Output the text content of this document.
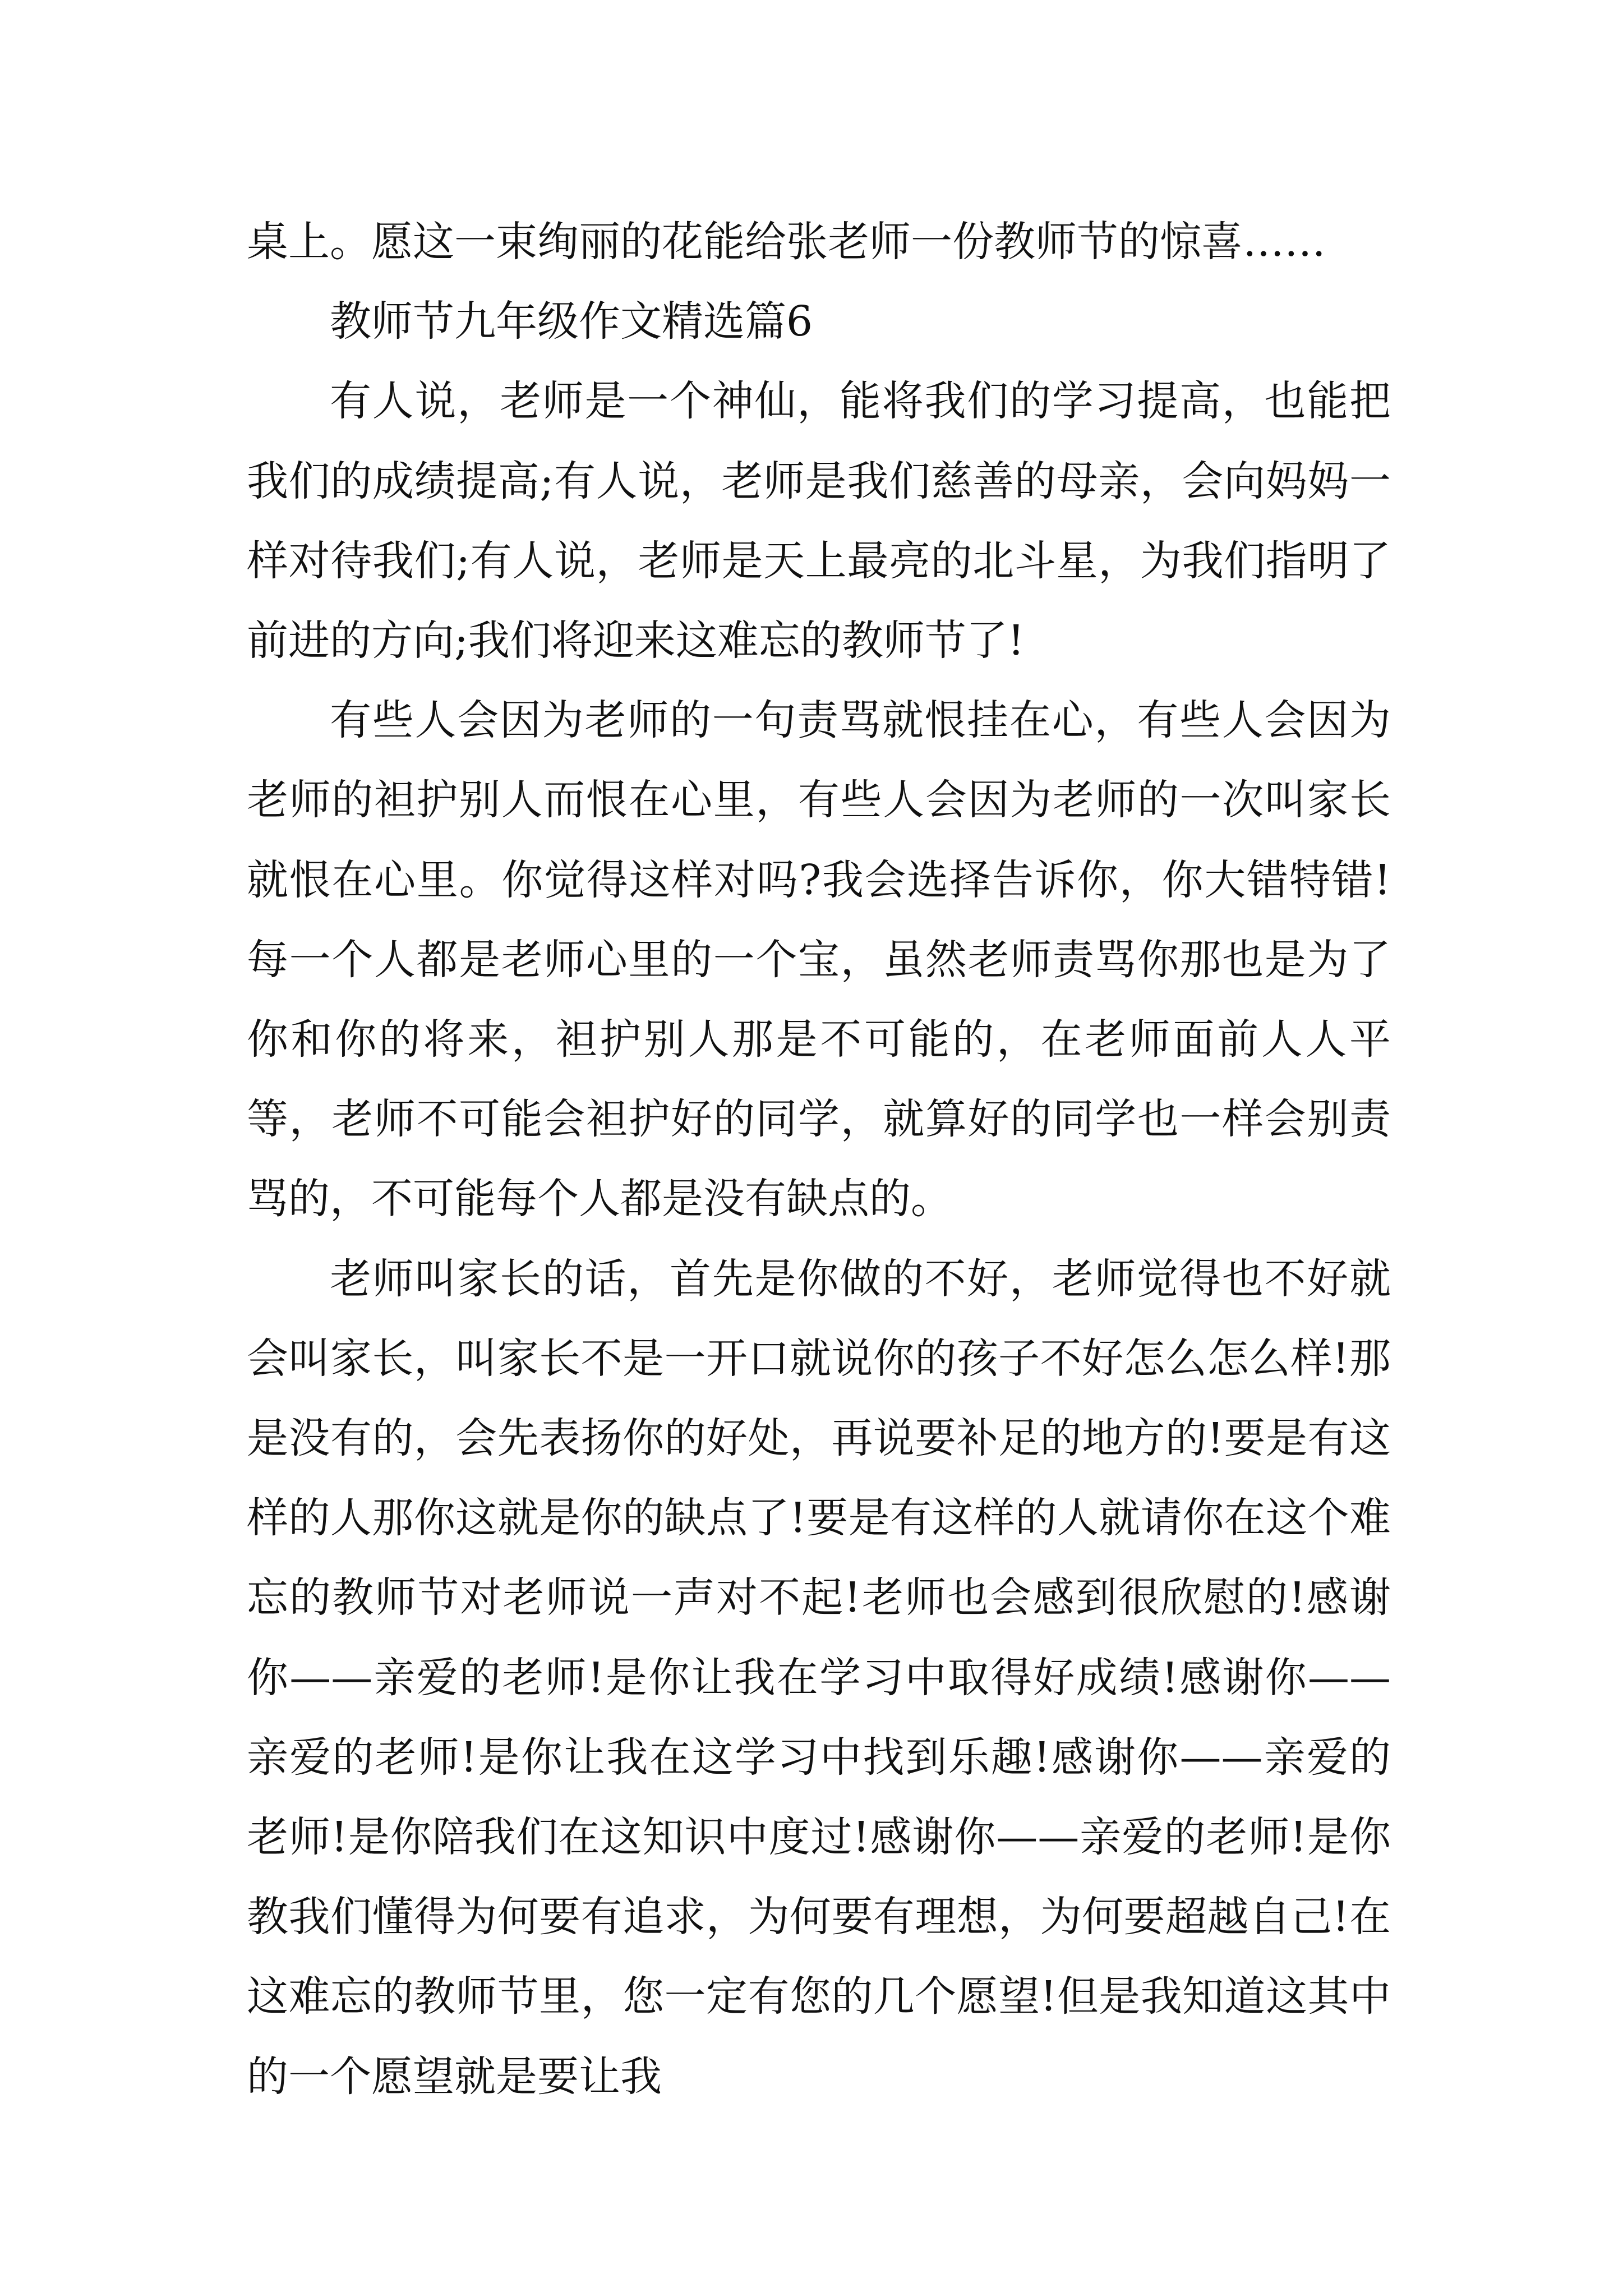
桌上。愿这一束绚丽的花能给张老师一份教师节的惊喜……

教师节九年级作文精选篇6

有人说，老师是一个神仙，能将我们的学习提高，也能把我们的成绩提高;有人说，老师是我们慈善的母亲，会向妈妈一样对待我们;有人说，老师是天上最亮的北斗星，为我们指明了前进的方向;我们将迎来这难忘的教师节了!

有些人会因为老师的一句责骂就恨挂在心，有些人会因为老师的袒护别人而恨在心里，有些人会因为老师的一次叫家长就恨在心里。你觉得这样对吗?我会选择告诉你，你大错特错!每一个人都是老师心里的一个宝，虽然老师责骂你那也是为了你和你的将来，袒护别人那是不可能的，在老师面前人人平等，老师不可能会袒护好的同学，就算好的同学也一样会别责骂的，不可能每个人都是没有缺点的。

老师叫家长的话，首先是你做的不好，老师觉得也不好就会叫家长，叫家长不是一开口就说你的孩子不好怎么怎么样!那是没有的，会先表扬你的好处，再说要补足的地方的!要是有这样的人那你这就是你的缺点了!要是有这样的人就请你在这个难忘的教师节对老师说一声对不起!老师也会感到很欣慰的!感谢你——亲爱的老师!是你让我在学习中取得好成绩!感谢你——亲爱的老师!是你让我在这学习中找到乐趣!感谢你——亲爱的老师!是你陪我们在这知识中度过!感谢你——亲爱的老师!是你教我们懂得为何要有追求，为何要有理想，为何要超越自己!在这难忘的教师节里，您一定有您的几个愿望!但是我知道这其中的一个愿望就是要让我
